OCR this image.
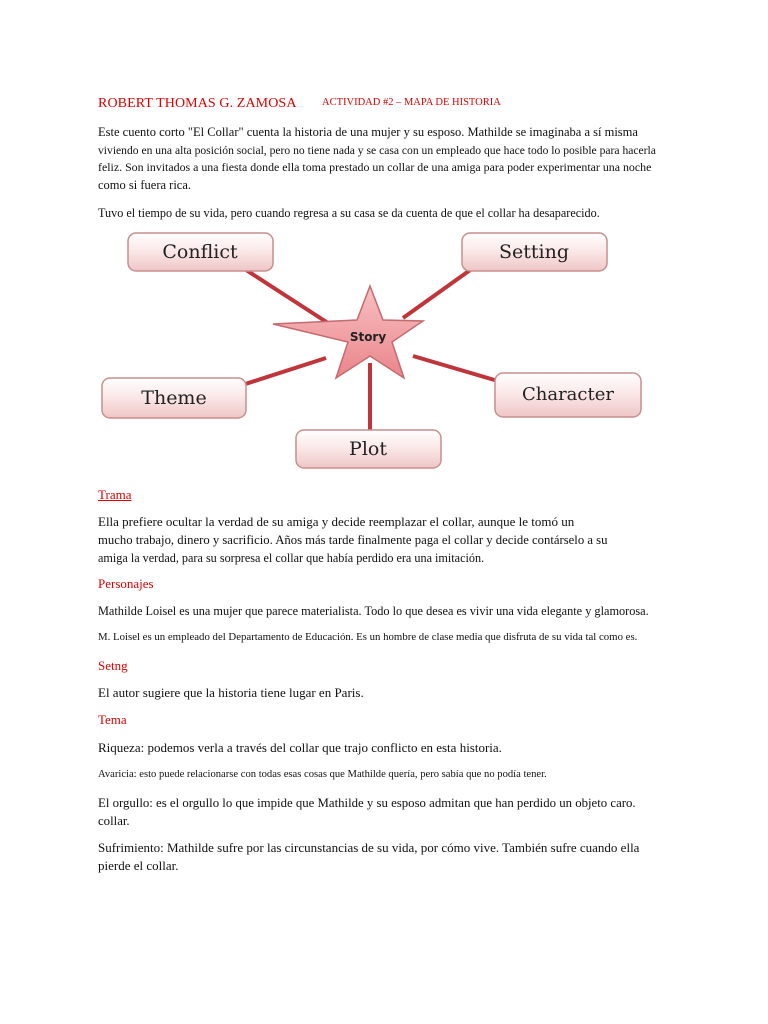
ROBERT THOMAS G. ZAMOSA ACTIVIDAD #2 – MAPA DE HISTORIA
Este cuento corto "El Collar" cuenta la historia de una mujer y su esposo. Mathilde se imaginaba a sí misma
viviendo en una alta posición social, pero no tiene nada y se casa con un empleado que hace todo lo posible para hacerla
feliz. Son invitados a una fiesta donde ella toma prestado un collar de una amiga para poder experimentar una noche
como si fuera rica.
Tuvo el tiempo de su vida, pero cuando regresa a su casa se da cuenta de que el collar ha desaparecido.
Story
Conflict	Setting
Theme	Character
Plot
Trama
Ella prefiere ocultar la verdad de su amiga y decide reemplazar el collar, aunque le tomó un
mucho trabajo, dinero y sacrificio. Años más tarde finalmente paga el collar y decide contárselo a su
amiga la verdad, para su sorpresa el collar que había perdido era una imitación.
Personajes
Mathilde Loisel es una mujer que parece materialista. Todo lo que desea es vivir una vida elegante y glamorosa.
M. Loisel es un empleado del Departamento de Educación. Es un hombre de clase media que disfruta de su vida tal como es.
Setng
El autor sugiere que la historia tiene lugar en Paris.
Tema
Riqueza: podemos verla a través del collar que trajo conflicto en esta historia.
Avaricia: esto puede relacionarse con todas esas cosas que Mathilde quería, pero sabía que no podía tener.
El orgullo: es el orgullo lo que impide que Mathilde y su esposo admitan que han perdido un objeto caro.
collar.
Sufrimiento: Mathilde sufre por las circunstancias de su vida, por cómo vive. También sufre cuando ella
pierde el collar.
